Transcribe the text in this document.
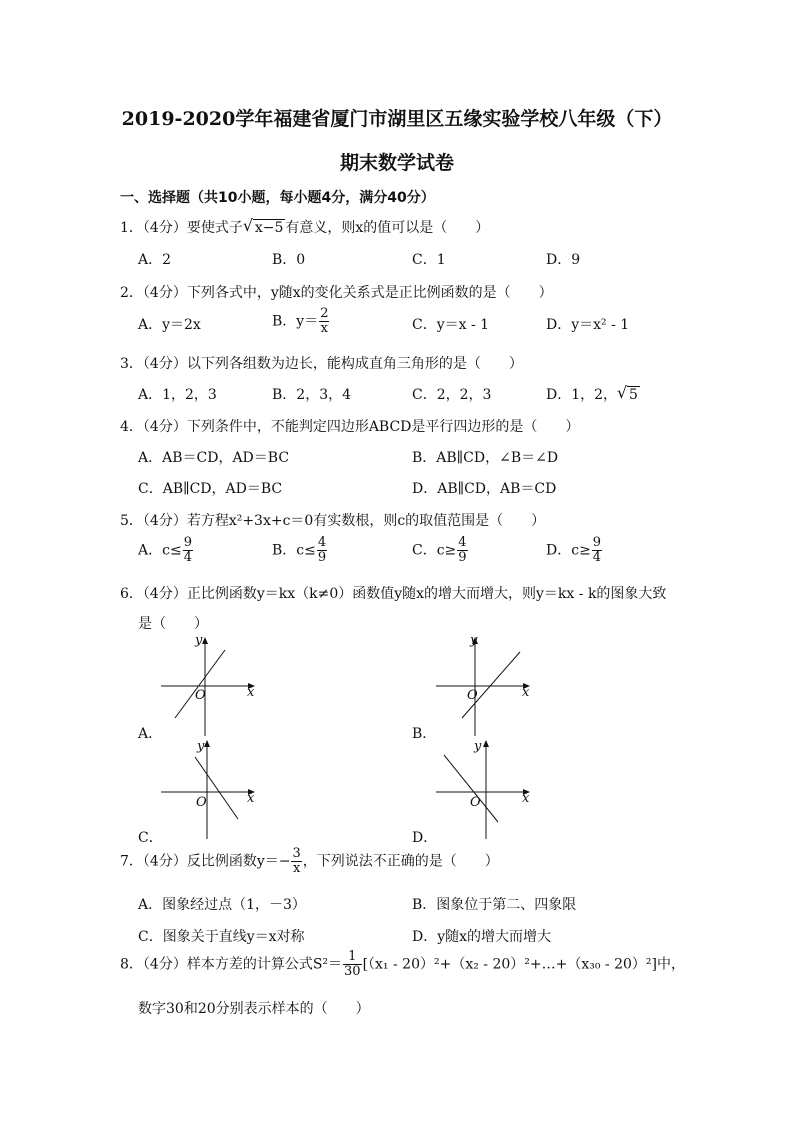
2019-2020学年福建省厦门市湖里区五缘实验学校八年级（下）
期末数学试卷
一、选择题（共10小题，每小题4分，满分40分）
1．（4分）要使式子 √ x−5 有意义，则x的值可以是（　　）
A．2	B．0	C．1	D．9
2．（4分）下列各式中，y随x的变化关系式是正比例函数的是（　　）
A．y＝2x	B．$y= \frac{2}{x}$	C．y＝x - 1	D．y＝x² - 1
3．（4分）以下列各组数为边长，能构成直角三角形的是（　　）
A．1，2，3	B．2，3，4	C．2，2，3	D．1，2， √ 5
4．（4分）下列条件中，不能判定四边形ABCD是平行四边形的是（　　）
A．AB＝CD，AD＝BC	B．AB∥CD，∠B＝∠D
C．AB∥CD，AD＝BC	D．AB∥CD，AB＝CD
5．（4分）若方程x²+3x+c＝0有实数根，则c的取值范围是（　　）
A．$c\le \frac{9}{4}$	B．$c\le \frac{4}{9}$	C．$c\ge \frac{4}{9}$	D．$c\ge \frac{9}{4}$
6．（4分）正比例函数y＝kx（k≠0）函数值y随x的增大而增大，则y＝kx - k的图象大致
是（　　）
x
y
O
A．
x
y
O
B．
x
y
O
C．
x
y
O
D．
7．（4分）反比例函数$y=- \frac{3}{x}$ ，下列说法不正确的是（　　）
A．图象经过点（1，－3）	B．图象位于第二、四象限
C．图象关于直线y＝x对称	D．y随x的增大而增大
8．（4分）样本方差的计算公式$S^2= \frac{1}{30} [(x_1 - 20)^2+(x_2$ - 20）²+…+（x₃₀ - 20）²]中，
数字30和20分别表示样本的（　　）
